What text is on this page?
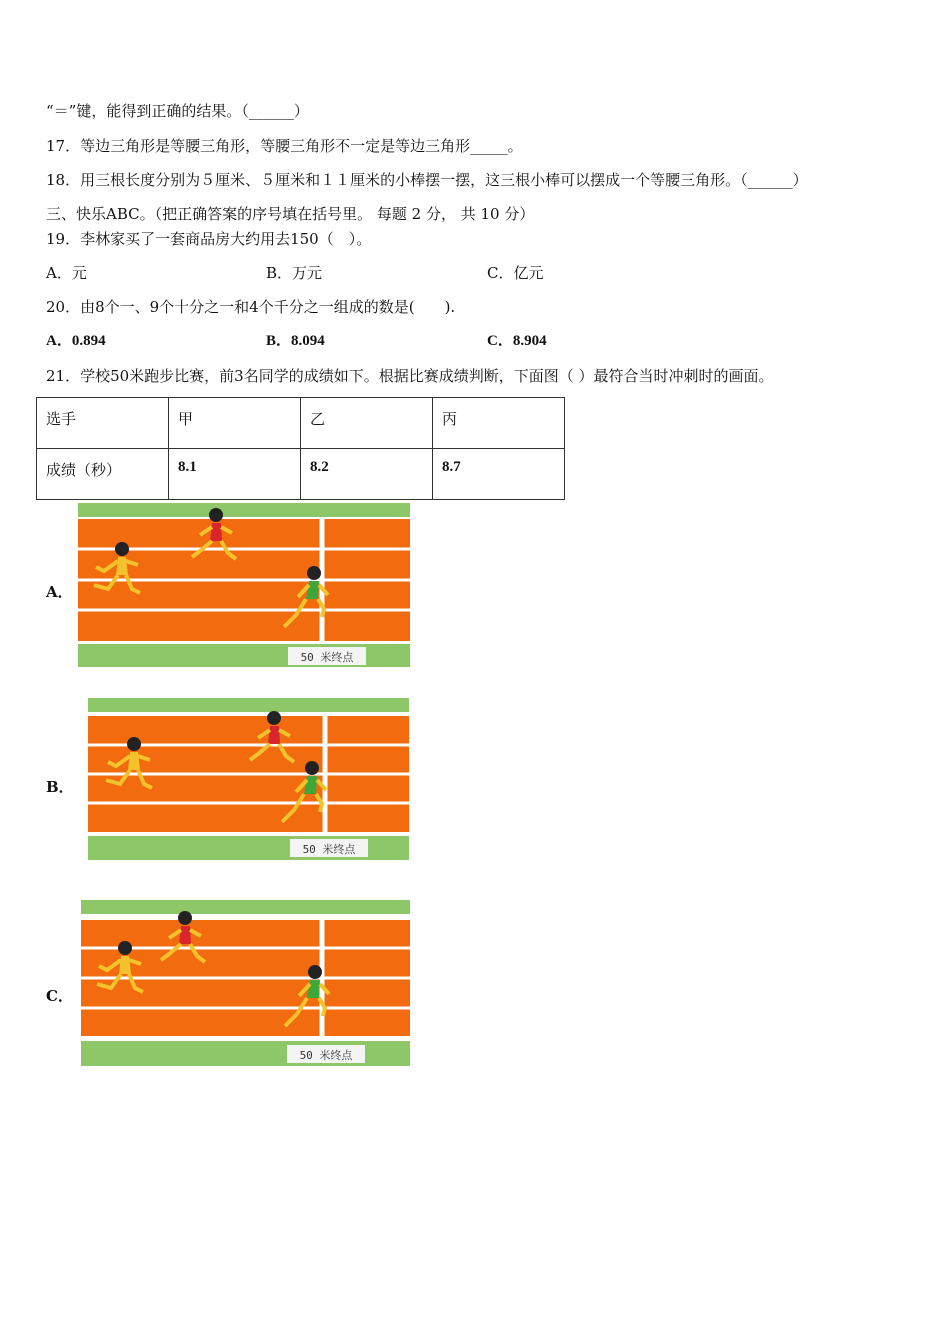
“＝”键，能得到正确的结果。（______）
17．等边三角形是等腰三角形，等腰三角形不一定是等边三角形_____。
18．用三根长度分别为５厘米、５厘米和１１厘米的小棒摆一摆，这三根小棒可以摆成一个等腰三角形。（______）
三、快乐ABC。（把正确答案的序号填在括号里。 每题 2 分， 共 10 分）
19．李林家买了一套商品房大约用去150（　）。
A．元	B．万元	C．亿元
20．由8个一、9个十分之一和4个千分之一组成的数是(　　).
A．0.894	B．8.094	C．8.904
21．学校50米跑步比赛，前3名同学的成绩如下。根据比赛成绩判断，下面图（ ）最符合当时冲刺时的画面。
选手	甲	乙	丙
成绩（秒）	8.1	8.2	8.7
A．
50 米终点
B．
50 米终点
C．
50 米终点
